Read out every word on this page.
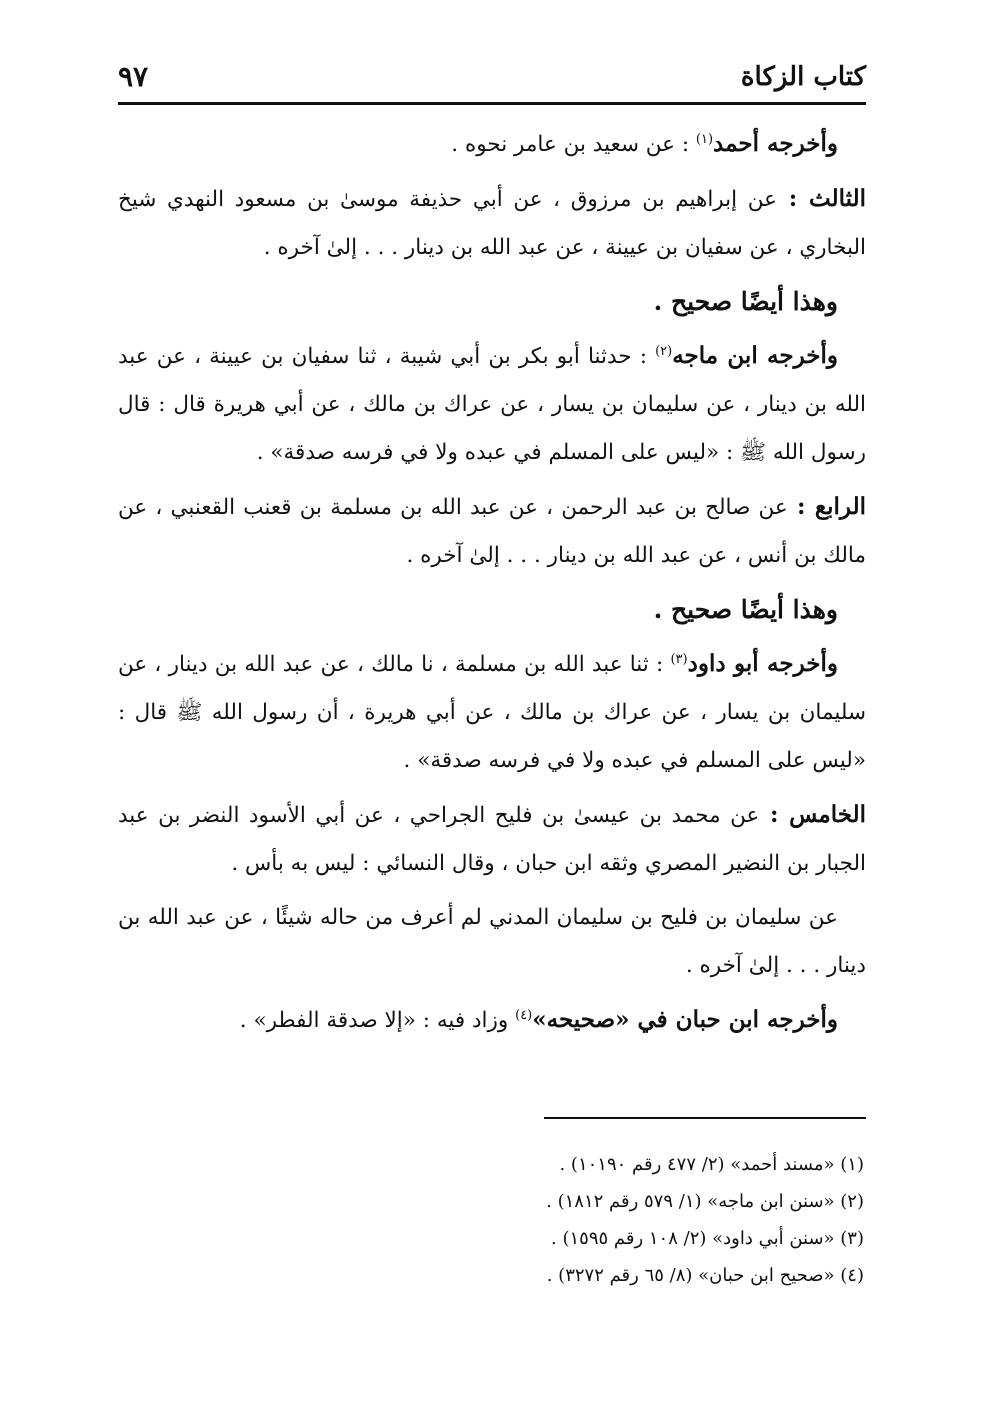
كتاب الزكاة
٩٧

وأخرجه أحمد$^{(١)}$ : عن سعيد بن عامر نحوه .

الثالث : عن إبراهيم بن مرزوق ، عن أبي حذيفة موسىٰ بن مسعود النهدي شيخ البخاري ، عن سفيان بن عيينة ، عن عبد الله بن دينار . . . إلىٰ آخره .

وهذا أيضًا صحيح .

وأخرجه ابن ماجه$^{(٢)}$ : حدثنا أبو بكر بن أبي شيبة ، ثنا سفيان بن عيينة ، عن عبد الله بن دينار ، عن سليمان بن يسار ، عن عراك بن مالك ، عن أبي هريرة قال : قال رسول الله ﷺ : «ليس على المسلم في عبده ولا في فرسه صدقة» .

الرابع : عن صالح بن عبد الرحمن ، عن عبد الله بن مسلمة بن قعنب القعنبي ، عن مالك بن أنس ، عن عبد الله بن دينار . . . إلىٰ آخره .

وهذا أيضًا صحيح .

وأخرجه أبو داود$^{(٣)}$ : ثنا عبد الله بن مسلمة ، نا مالك ، عن عبد الله بن دينار ، عن سليمان بن يسار ، عن عراك بن مالك ، عن أبي هريرة ، أن رسول الله ﷺ قال : «ليس على المسلم في عبده ولا في فرسه صدقة» .

الخامس : عن محمد بن عيسىٰ بن فليح الجراحي ، عن أبي الأسود النضر بن عبد الجبار بن النضير المصري وثقه ابن حبان ، وقال النسائي : ليس به بأس .

عن سليمان بن فليح بن سليمان المدني لم أعرف من حاله شيئًا ، عن عبد الله بن دينار . . . إلىٰ آخره .

وأخرجه ابن حبان في «صحيحه»$^{(٤)}$ وزاد فيه : «إلا صدقة الفطر» .

(١) «مسند أحمد» (٢/ ٤٧٧ رقم ١٠١٩٠) .

(٢) «سنن ابن ماجه» (١/ ٥٧٩ رقم ١٨١٢) .

(٣) «سنن أبي داود» (٢/ ١٠٨ رقم ١٥٩٥) .

(٤) «صحيح ابن حبان» (٨/ ٦٥ رقم ٣٢٧٢) .
